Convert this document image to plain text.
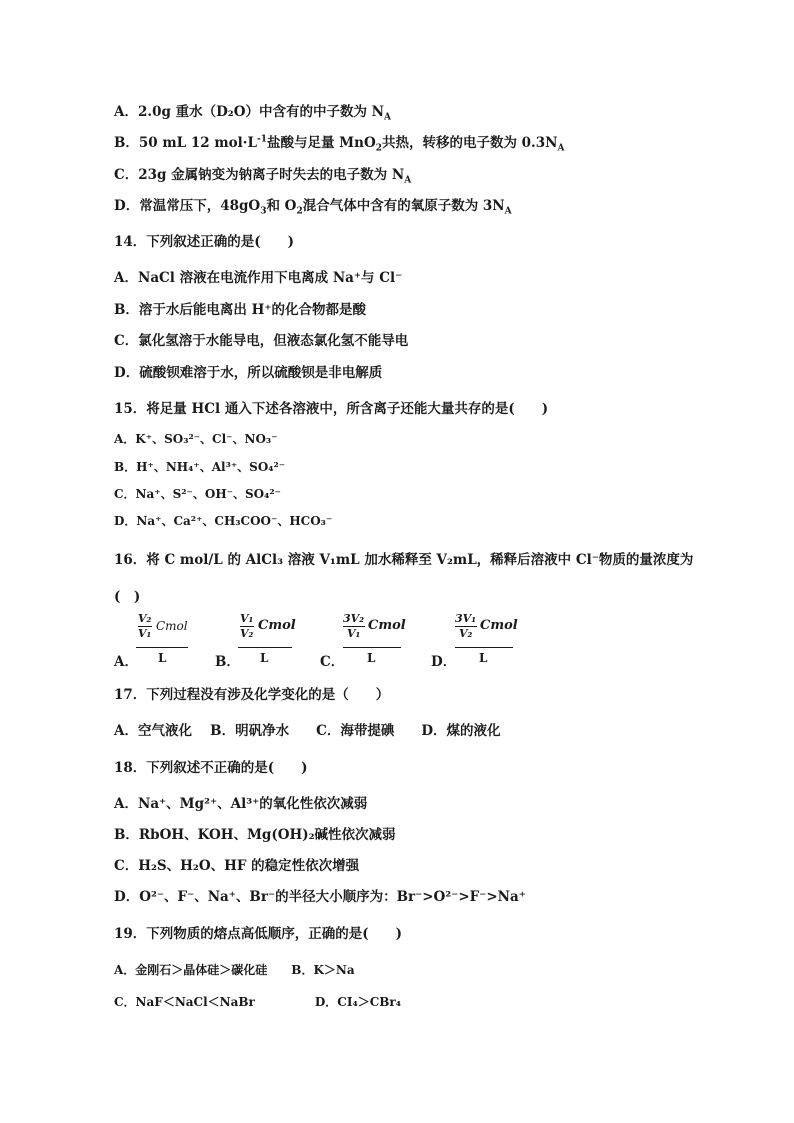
A．2.0g 重水（D₂O）中含有的中子数为 $N_A$
B．50 mL 12 $mol\cdot L^{-1}$盐酸与足量 MnO$_2$共热，转移的电子数为 $0.3N_A$
C．23g 金属钠变为钠离子时失去的电子数为 $N_A$
D．常温常压下，$48gO_3$和 $O_2$混合气体中含有的氧原子数为 $3N_A$
14．下列叙述正确的是(　　)
A．NaCl 溶液在电流作用下电离成 Na⁺与 Cl⁻
B．溶于水后能电离出 H⁺的化合物都是酸
C．氯化氢溶于水能导电，但液态氯化氢不能导电
D．硫酸钡难溶于水，所以硫酸钡是非电解质
15．将足量 HCl 通入下述各溶液中，所含离子还能大量共存的是(　　)
A．K⁺、SO₃²⁻、Cl⁻、NO₃⁻
B．H⁺、NH₄⁺、Al³⁺、SO₄²⁻
C．Na⁺、S²⁻、OH⁻、SO₄²⁻
D．Na⁺、Ca²⁺、CH₃COO⁻、HCO₃⁻
16．将 C mol/L 的 AlCl₃ 溶液 V₁mL 加水稀释至 V₂mL，稀释后溶液中 Cl⁻物质的量浓度为
(　)
A．
V₂
V₁
Cmol
L	B．
V₁
V₂
Cmol
L	C．
3V₂
V₁
Cmol
L	D．
3V₁
V₂
Cmol
L
17．下列过程没有涉及化学变化的是（　　）
A．空气液化　 B．明矾净水　　C．海带提碘　　D．煤的液化
18．下列叙述不正确的是(　　)
A．Na⁺、Mg²⁺、Al³⁺的氧化性依次减弱
B．RbOH、KOH、Mg(OH)₂碱性依次减弱
C．H₂S、H₂O、HF 的稳定性依次增强
D．O²⁻、F⁻、Na⁺、Br⁻的半径大小顺序为：Br⁻>O²⁻>F⁻>Na⁺
19．下列物质的熔点高低顺序，正确的是(　　)
A．金刚石＞晶体硅＞碳化硅　　B．K＞Na
C．NaF＜NaCl＜NaBr　　　　　D．CI₄＞CBr₄
